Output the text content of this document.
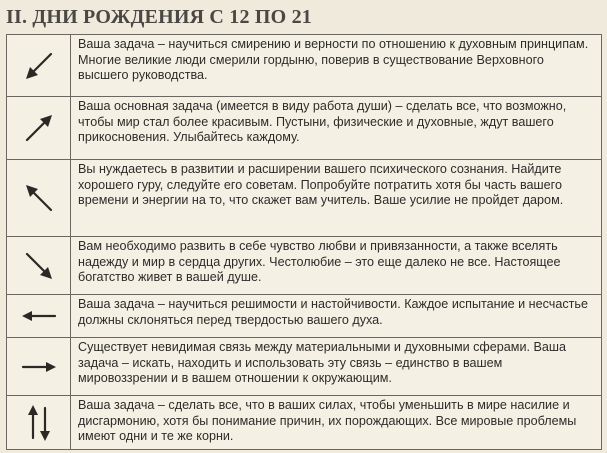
II. ДНИ РОЖДЕНИЯ С 12 ПО 21
Ваша задача – научиться смирению и верности по отношению к духовным принципам. Многие великие люди смерили гордыню, поверив в существование Верховного высшего руководства.
Ваша основная задача (имеется в виду работа души) – сделать все, что возможно, чтобы мир стал более красивым. Пустыни, физические и духовные, ждут вашего прикосновения. Улыбайтесь каждому.
Вы нуждаетесь в развитии и расширении вашего психического сознания. Найдите хорошего гуру, следуйте его советам. Попробуйте потратить хотя бы часть вашего времени и энергии на то, что скажет вам учитель. Ваше усилие не пройдет даром.
Вам необходимо развить в себе чувство любви и привязанности, а также вселять надежду и мир в сердца других. Честолюбие – это еще далеко не все. Настоящее богатство живет в вашей душе.
Ваша задача – научиться решимости и настойчивости. Каждое испытание и несчастье должны склоняться перед твердостью вашего духа.
Существует невидимая связь между материальными и духовными сферами. Ваша задача – искать, находить и использовать эту связь – единство в вашем мировоззрении и в вашем отношении к окружающим.
Ваша задача – сделать все, что в ваших силах, чтобы уменьшить в мире насилие и дисгармонию, хотя бы понимание причин, их порождающих. Все мировые проблемы имеют одни и те же корни.
